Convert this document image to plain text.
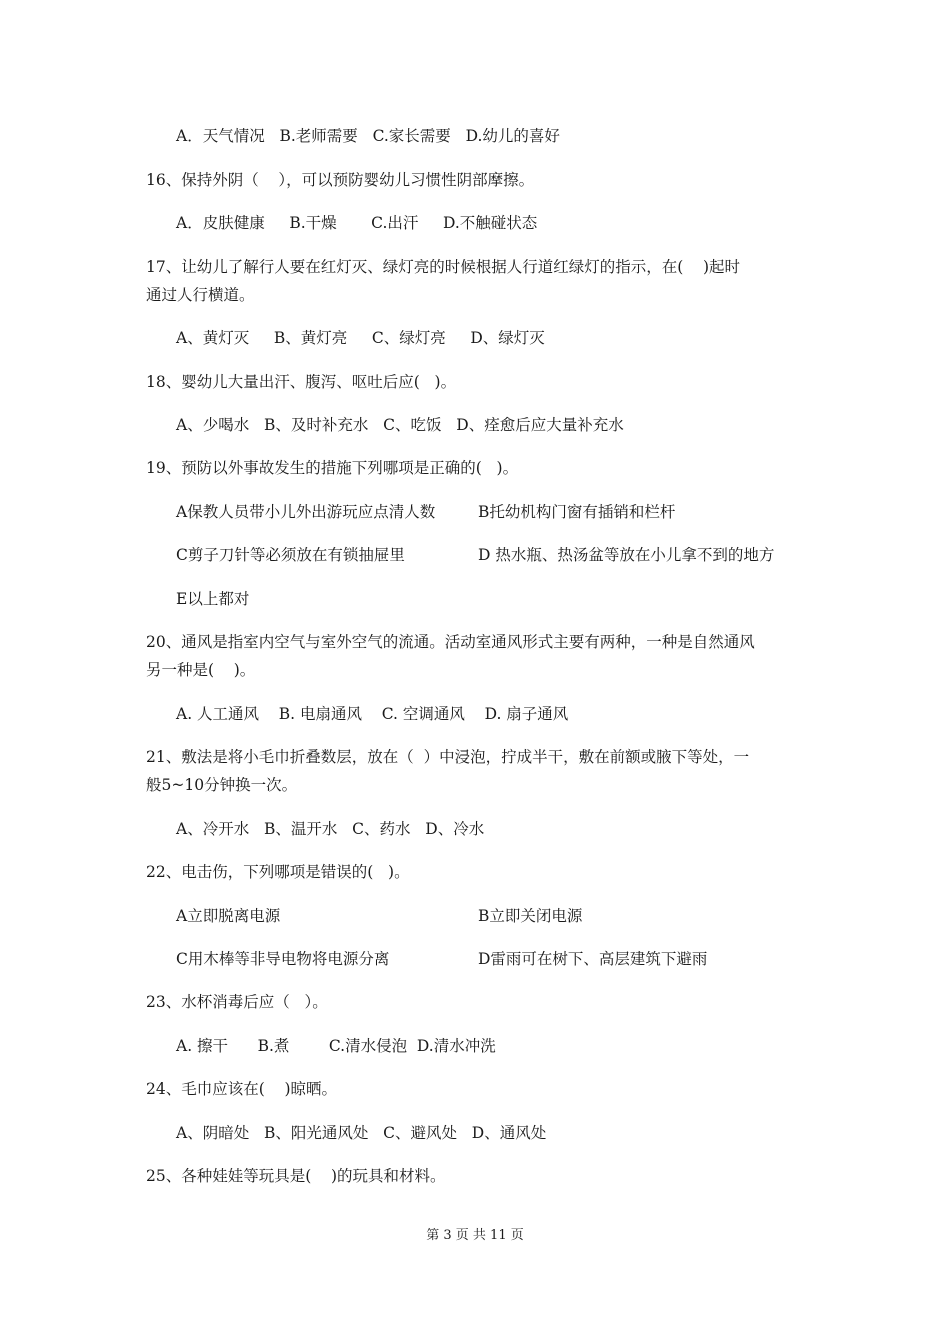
A．天气情况   B.老师需要   C.家长需要   D.幼儿的喜好
16、保持外阴（    ），可以预防婴幼儿习惯性阴部摩擦。
A．皮肤健康     B.干燥       C.出汗     D.不触碰状态
17、让幼儿了解行人要在红灯灭、绿灯亮的时候根据人行道红绿灯的指示，在(    )起时
通过人行横道。
A、黄灯灭     B、黄灯亮     C、绿灯亮     D、绿灯灭
18、婴幼儿大量出汗、腹泻、呕吐后应(   )。
A、少喝水   B、及时补充水   C、吃饭   D、痊愈后应大量补充水
19、预防以外事故发生的措施下列哪项是正确的(   )。
A保教人员带小儿外出游玩应点清人数	B托幼机构门窗有插销和栏杆
C剪子刀针等必须放在有锁抽屉里	D 热水瓶、热汤盆等放在小儿拿不到的地方
E以上都对
20、通风是指室内空气与室外空气的流通。活动室通风形式主要有两种，一种是自然通风
另一种是(    )。
A. 人工通风    B. 电扇通风    C. 空调通风    D. 扇子通风
21、敷法是将小毛巾折叠数层，放在（  ）中浸泡，拧成半干，敷在前额或腋下等处，一
般5~10分钟换一次。
A、冷开水   B、温开水   C、药水   D、冷水
22、电击伤，下列哪项是错误的(   )。
A立即脱离电源	B立即关闭电源
C用木棒等非导电物将电源分离	D雷雨可在树下、高层建筑下避雨
23、水杯消毒后应（   ）。
A. 擦干      B.煮        C.清水侵泡  D.清水冲洗
24、毛巾应该在(    )晾晒。
A、阴暗处   B、阳光通风处   C、避风处   D、通风处
25、各种娃娃等玩具是(    )的玩具和材料。
第 3 页 共 11 页
